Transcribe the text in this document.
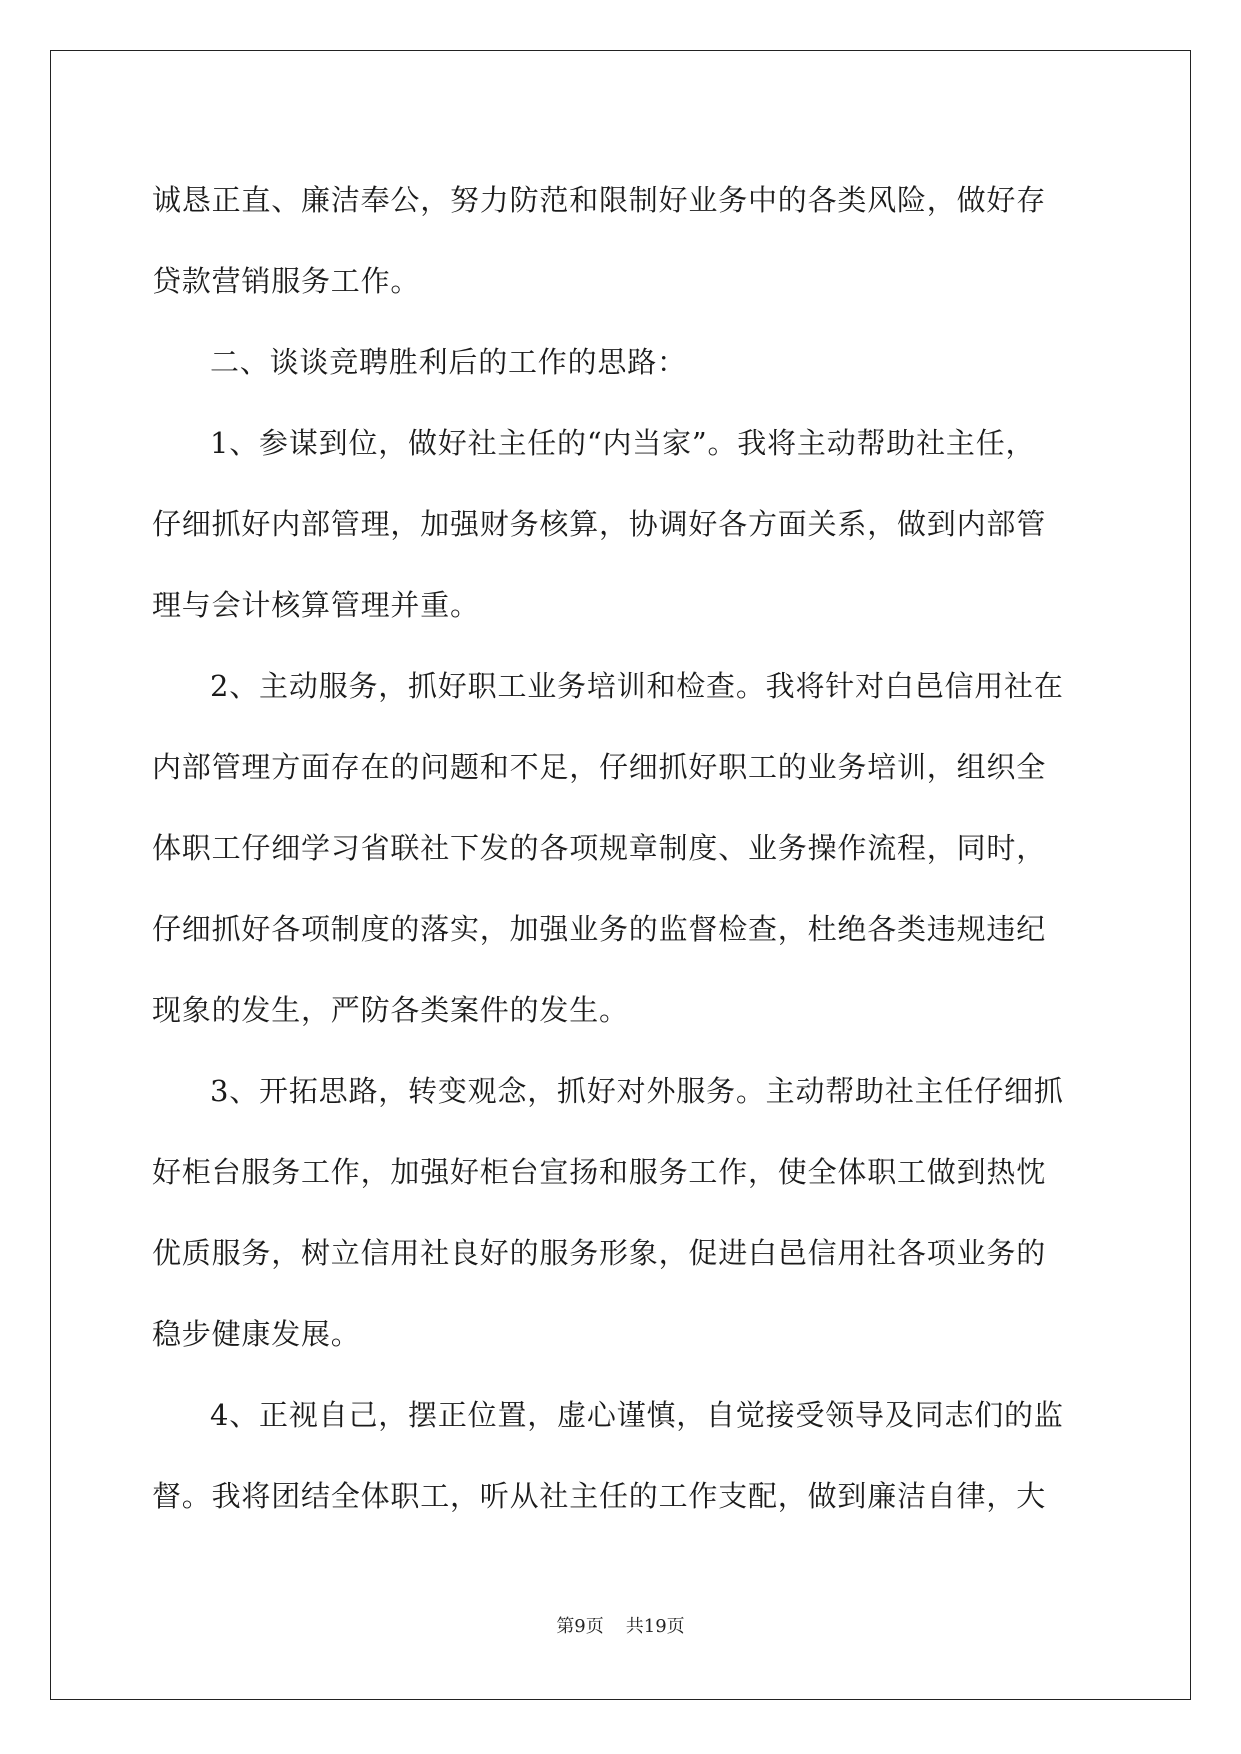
诚恳正直、廉洁奉公，努力防范和限制好业务中的各类风险，做好存
贷款营销服务工作。
二、谈谈竞聘胜利后的工作的思路：
1、参谋到位，做好社主任的“内当家”。我将主动帮助社主任，
仔细抓好内部管理，加强财务核算，协调好各方面关系，做到内部管
理与会计核算管理并重。
2、主动服务，抓好职工业务培训和检查。我将针对白邑信用社在
内部管理方面存在的问题和不足，仔细抓好职工的业务培训，组织全
体职工仔细学习省联社下发的各项规章制度、业务操作流程，同时，
仔细抓好各项制度的落实，加强业务的监督检查，杜绝各类违规违纪
现象的发生，严防各类案件的发生。
3、开拓思路，转变观念，抓好对外服务。主动帮助社主任仔细抓
好柜台服务工作，加强好柜台宣扬和服务工作，使全体职工做到热忱
优质服务，树立信用社良好的服务形象，促进白邑信用社各项业务的
稳步健康发展。
4、正视自己，摆正位置，虚心谨慎，自觉接受领导及同志们的监
督。我将团结全体职工，听从社主任的工作支配，做到廉洁自律，大
第9页 共19页
